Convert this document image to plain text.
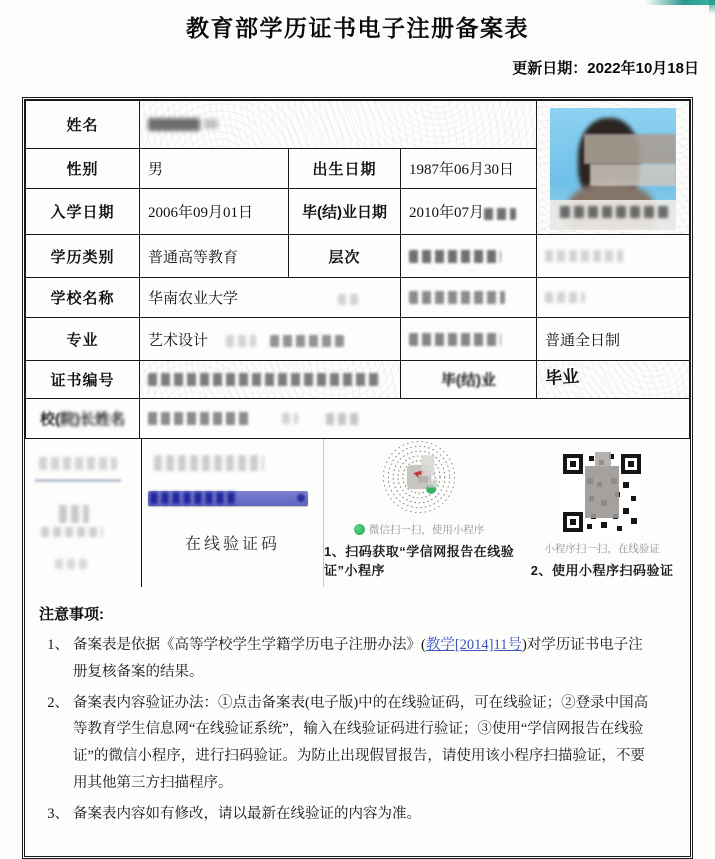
教育部学历证书电子注册备案表
更新日期：2022年10月18日
姓名				

性别	男	出生日期	1987年06月30日	
入学日期	2006年09月01日	毕(结)业日期	2010年07月	
学历类别	普通高等教育	层次		
学校名称	华南农业大学			
专业	艺术设计			普通全日制
证书编号			毕(结)业	毕业
校(院)长姓名				
在线验证码
微信扫一扫，使用小程序
1、扫码获取“学信网报告在线验证”小程序
小程序扫一扫，在线验证
2、使用小程序扫码验证
注意事项:
1、 备案表是依据《高等学校学生学籍学历电子注册办法》(教学[2014]11号)对学历证书电子注册复核备案的结果。
2、 备案表内容验证办法：①点击备案表(电子版)中的在线验证码，可在线验证；②登录中国高等教育学生信息网“在线验证系统”，输入在线验证码进行验证；③使用“学信网报告在线验证”的微信小程序，进行扫码验证。为防止出现假冒报告，请使用该小程序扫描验证，不要用其他第三方扫描程序。
3、 备案表内容如有修改，请以最新在线验证的内容为准。
